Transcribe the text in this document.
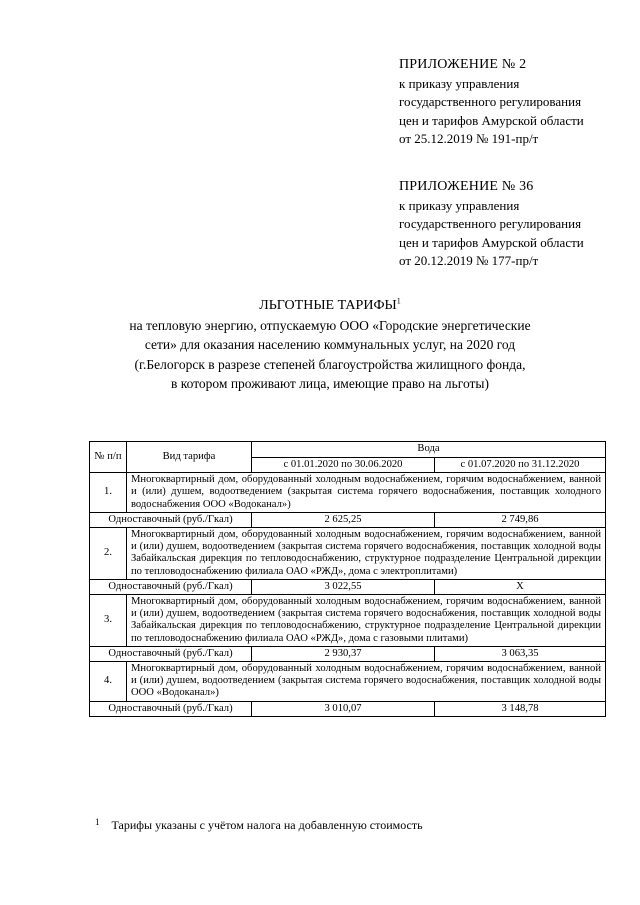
ПРИЛОЖЕНИЕ № 2
к приказу управления
государственного регулирования
цен и тарифов Амурской области
от 25.12.2019 № 191-пр/т
ПРИЛОЖЕНИЕ № 36
к приказу управления
государственного регулирования
цен и тарифов Амурской области
от 20.12.2019 № 177-пр/т
ЛЬГОТНЫЕ ТАРИФЫ$^1$
на тепловую энергию, отпускаемую ООО «Городские энергетические
сети» для оказания населению коммунальных услуг, на 2020 год
(г.Белогорск в разрезе степеней благоустройства жилищного фонда,
в котором проживают лица, имеющие право на льготы)
№ п/п	Вид тарифа	Вода	
		с 01.01.2020 по 30.06.2020	с 01.07.2020 по 31.12.2020
1.	Многоквартирный дом, оборудованный холодным водоснабжением, горячим водоснабжением, ванной и (или) душем, водоотведением (закрытая система горячего водоснабжения, поставщик холодного водоснабжения ООО «Водоканал»)		
Одноставочный (руб./Гкал)		2 625,25	2 749,86
2.	Многоквартирный дом, оборудованный холодным водоснабжением, горячим водоснабжением, ванной и (или) душем, водоотведением (закрытая система горячего водоснабжения, поставщик холодной воды Забайкальская дирекция по тепловодоснабжению, структурное подразделение Центральной дирекции по тепловодоснабжению филиала ОАО «РЖД», дома с электроплитами)		
Одноставочный (руб./Гкал)		3 022,55	Х
3.	Многоквартирный дом, оборудованный холодным водоснабжением, горячим водоснабжением, ванной и (или) душем, водоотведением (закрытая система горячего водоснабжения, поставщик холодной воды Забайкальская дирекция по тепловодоснабжению, структурное подразделение Центральной дирекции по тепловодоснабжению филиала ОАО «РЖД», дома с газовыми плитами)		
Одноставочный (руб./Гкал)		2 930,37	3 063,35
4.	Многоквартирный дом, оборудованный холодным водоснабжением, горячим водоснабжением, ванной и (или) душем, водоотведением (закрытая система горячего водоснабжения, поставщик холодной воды ООО «Водоканал»)		
Одноставочный (руб./Гкал)		3 010,07	3 148,78
$^1$ Тарифы указаны с учётом налога на добавленную стоимость
